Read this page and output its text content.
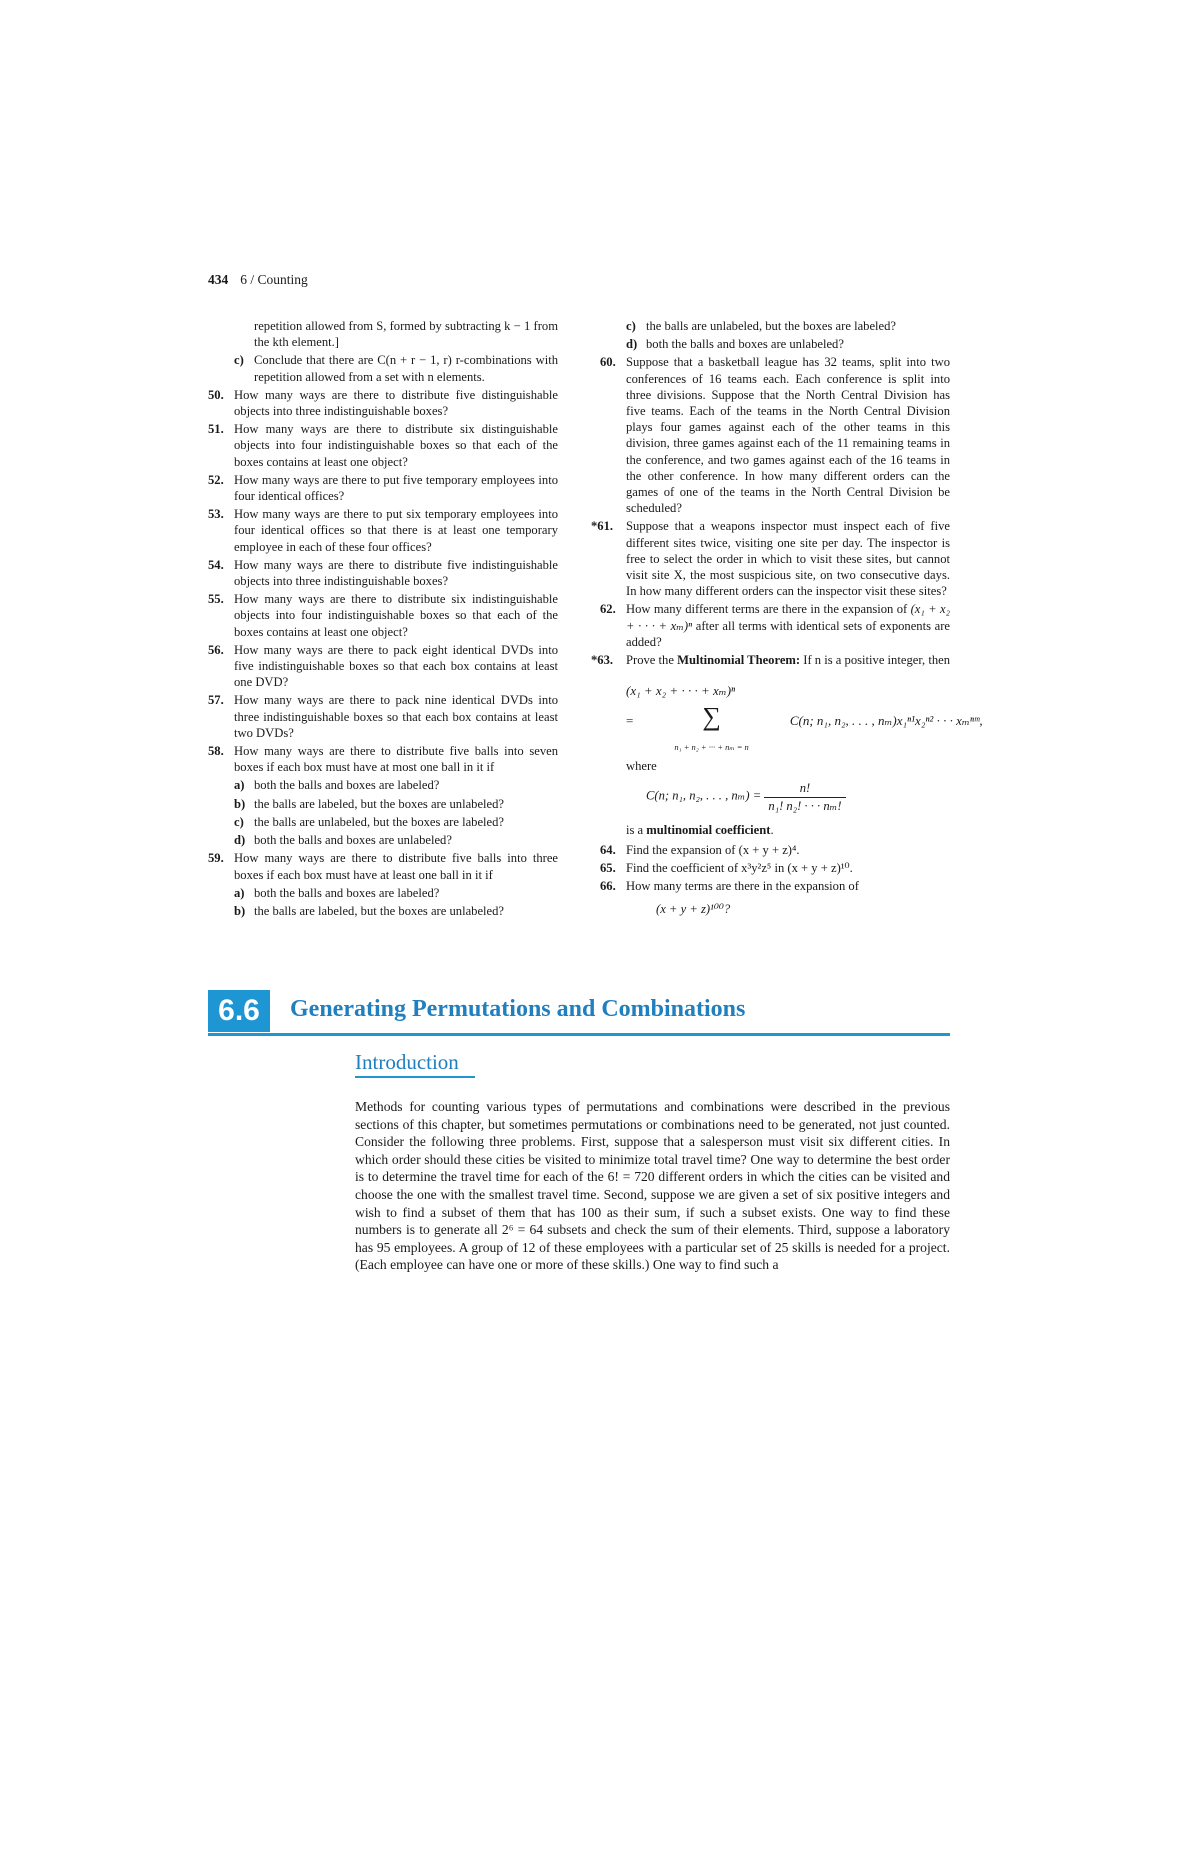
434 6 / Counting
repetition allowed from S, formed by subtracting k − 1 from the kth element.]
c) Conclude that there are C(n + r − 1, r) r-combinations with repetition allowed from a set with n elements.
50. How many ways are there to distribute five distinguishable objects into three indistinguishable boxes?
51. How many ways are there to distribute six distinguishable objects into four indistinguishable boxes so that each of the boxes contains at least one object?
52. How many ways are there to put five temporary employees into four identical offices?
53. How many ways are there to put six temporary employees into four identical offices so that there is at least one temporary employee in each of these four offices?
54. How many ways are there to distribute five indistinguishable objects into three indistinguishable boxes?
55. How many ways are there to distribute six indistinguishable objects into four indistinguishable boxes so that each of the boxes contains at least one object?
56. How many ways are there to pack eight identical DVDs into five indistinguishable boxes so that each box contains at least one DVD?
57. How many ways are there to pack nine identical DVDs into three indistinguishable boxes so that each box contains at least two DVDs?
58. How many ways are there to distribute five balls into seven boxes if each box must have at most one ball in it if
a) both the balls and boxes are labeled?
b) the balls are labeled, but the boxes are unlabeled?
c) the balls are unlabeled, but the boxes are labeled?
d) both the balls and boxes are unlabeled?
59. How many ways are there to distribute five balls into three boxes if each box must have at least one ball in it if
a) both the balls and boxes are labeled?
b) the balls are labeled, but the boxes are unlabeled?
c) the balls are unlabeled, but the boxes are labeled?
d) both the balls and boxes are unlabeled?
60. Suppose that a basketball league has 32 teams, split into two conferences of 16 teams each. Each conference is split into three divisions. Suppose that the North Central Division has five teams. Each of the teams in the North Central Division plays four games against each of the other teams in this division, three games against each of the 11 remaining teams in the conference, and two games against each of the 16 teams in the other conference. In how many different orders can the games of one of the teams in the North Central Division be scheduled?
*61. Suppose that a weapons inspector must inspect each of five different sites twice, visiting one site per day. The inspector is free to select the order in which to visit these sites, but cannot visit site X, the most suspicious site, on two consecutive days. In how many different orders can the inspector visit these sites?
62. How many different terms are there in the expansion of (x₁ + x₂ + · · · + xₘ)ⁿ after all terms with identical sets of exponents are added?
*63. Prove the Multinomial Theorem: If n is a positive integer, then
(x₁ + x₂ + · · · + xₘ)ⁿ
=	∑
n₁ + n₂ + ··· + nₘ = n
C(n; n₁, n₂, . . . , nₘ)x₁ⁿ¹x₂ⁿ² · · · xₘⁿᵐ,
where
C(n; n₁, n₂, . . . , $n_m) = \frac{n!}{\text{n₁! n₂! · · · nₘ!}}$
is a multinomial coefficient.
64. Find the expansion of (x + y + z)⁴.
65. Find the coefficient of x³y²z⁵ in (x + y + z)¹⁰.
66. How many terms are there in the expansion of
(x + y + z)¹⁰⁰?
6.6	Generating Permutations and Combinations
Introduction
Methods for counting various types of permutations and combinations were described in the previous sections of this chapter, but sometimes permutations or combinations need to be generated, not just counted. Consider the following three problems. First, suppose that a salesperson must visit six different cities. In which order should these cities be visited to minimize total travel time? One way to determine the best order is to determine the travel time for each of the 6! = 720 different orders in which the cities can be visited and choose the one with the smallest travel time. Second, suppose we are given a set of six positive integers and wish to find a subset of them that has 100 as their sum, if such a subset exists. One way to find these numbers is to generate all 2⁶ = 64 subsets and check the sum of their elements. Third, suppose a laboratory has 95 employees. A group of 12 of these employees with a particular set of 25 skills is needed for a project. (Each employee can have one or more of these skills.) One way to find such a
